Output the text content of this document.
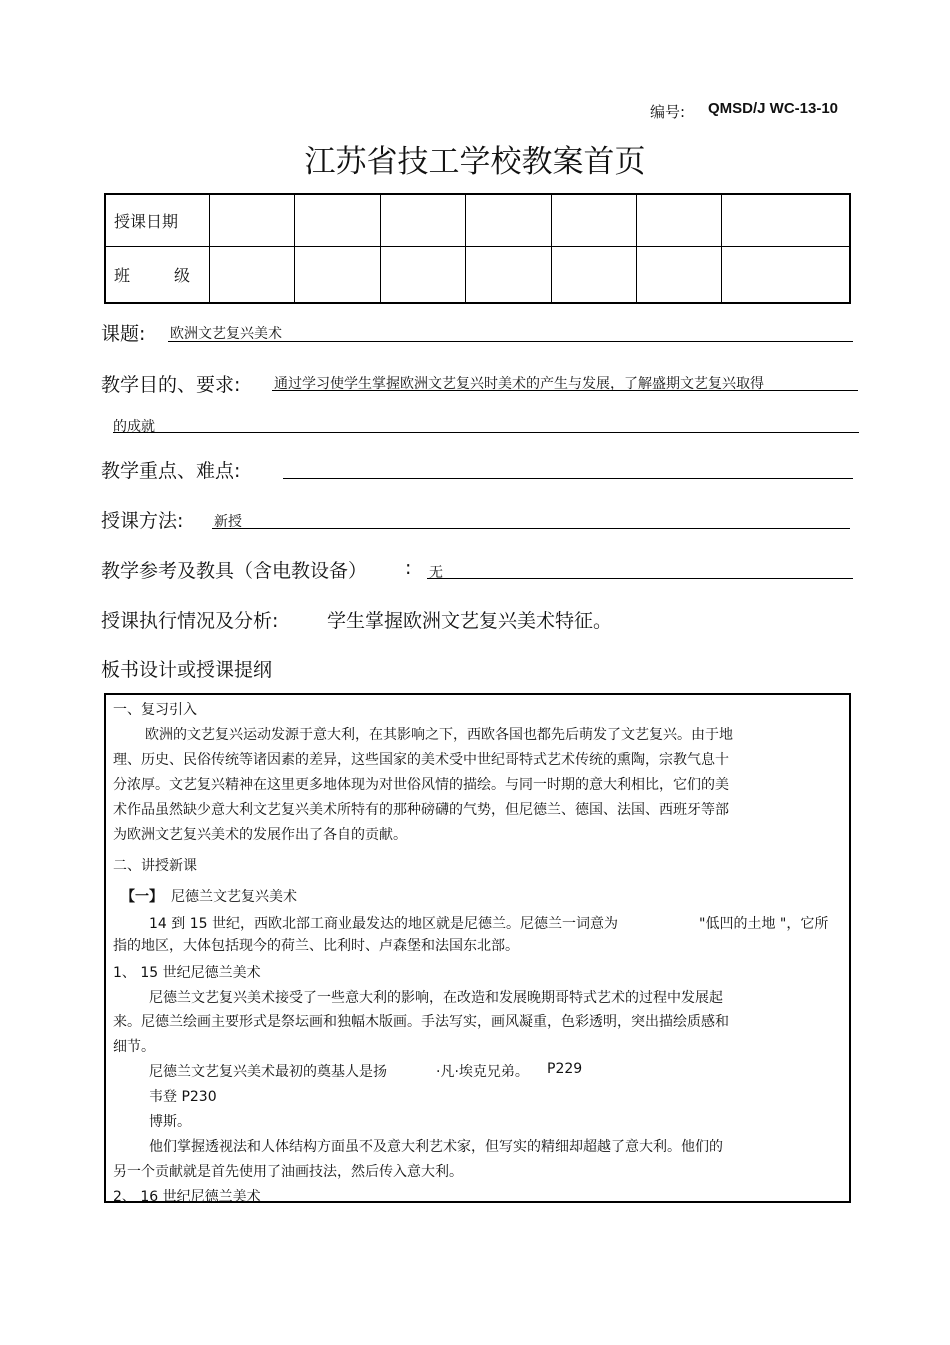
编号: QMSD/J WC-13-10
江苏省技工学校教案首页
授课日期							

班 级							

课题: 欧洲文艺复兴美术
教学目的、要求: 通过学习使学生掌握欧洲文艺复兴时美术的产生与发展，了解盛期文艺复兴取得
的成就
教学重点、难点:
授课方法: 新授
教学参考及教具（含电教设备） : 无
授课执行情况及分析:	学生掌握欧洲文艺复兴美术特征。
板书设计或授课提纲

一、复习引入

欧洲的文艺复兴运动发源于意大利，在其影响之下，西欧各国也都先后萌发了文艺复兴。由于地

理、历史、民俗传统等诸因素的差异，这些国家的美术受中世纪哥特式艺术传统的熏陶，宗教气息十

分浓厚。文艺复兴精神在这里更多地体现为对世俗风情的描绘。与同一时期的意大利相比，它们的美

术作品虽然缺少意大利文艺复兴美术所特有的那种磅礴的气势，但尼德兰、德国、法国、西班牙等部

为欧洲文艺复兴美术的发展作出了各自的贡献。

二、讲授新课

【一】 尼德兰文艺复兴美术

14 到 15 世纪，西欧北部工商业最发达的地区就是尼德兰。尼德兰一词意为	"低凹的土地 "，它所

指的地区，大体包括现今的荷兰、比利时、卢森堡和法国东北部。

1、 15 世纪尼德兰美术

尼德兰文艺复兴美术接受了一些意大利的影响，在改造和发展晚期哥特式艺术的过程中发展起

来。尼德兰绘画主要形式是祭坛画和独幅木版画。手法写实，画风凝重，色彩透明，突出描绘质感和

细节。

尼德兰文艺复兴美术最初的奠基人是扬	·凡·埃克兄弟。 P229

韦登 P230

博斯。

他们掌握透视法和人体结构方面虽不及意大利艺术家，但写实的精细却超越了意大利。他们的

另一个贡献就是首先使用了油画技法，然后传入意大利。

2、 16 世纪尼德兰美术
